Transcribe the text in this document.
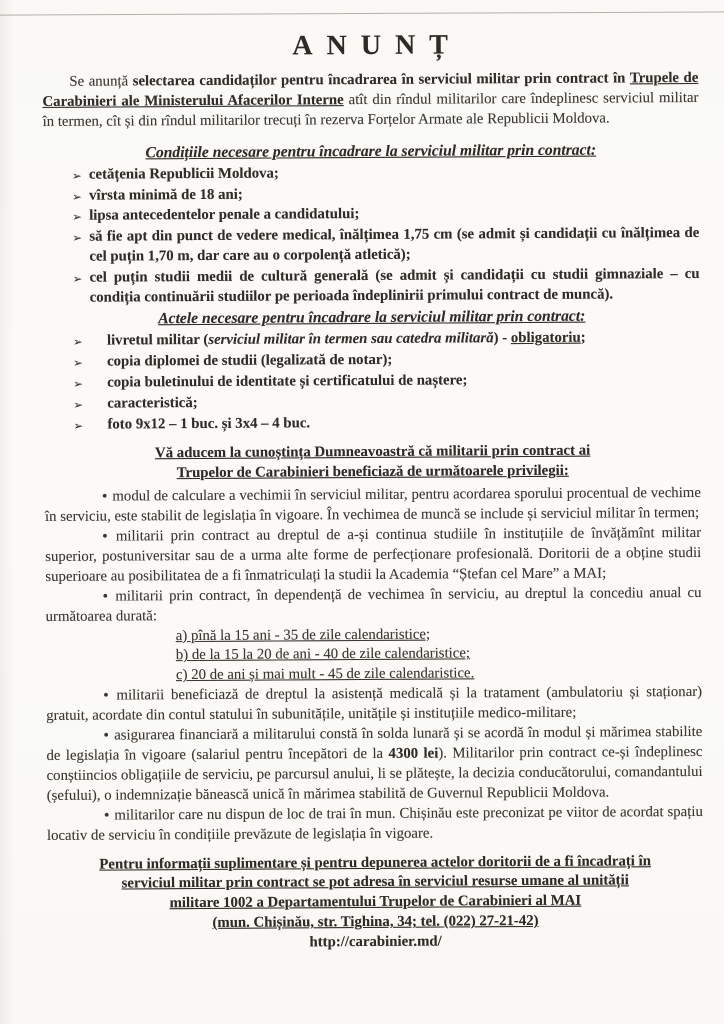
ANUNȚ

Se anunță selectarea candidaților pentru încadrarea în serviciul militar prin contract în Trupele de Carabinieri ale Ministerului Afacerilor Interne atît din rîndul militarilor care îndeplinesc serviciul militar în termen, cît și din rîndul militarilor trecuți în rezerva Forțelor Armate ale Republicii Moldova.

Condițiile necesare pentru încadrare la serviciul militar prin contract:
➢ cetățenia Republicii Moldova;
➢ vîrsta minimă de 18 ani;
➢ lipsa antecedentelor penale a candidatului;
➢ să fie apt din punct de vedere medical, înălțimea 1,75 cm (se admit și candidații cu înălțimea de cel puțin 1,70 m, dar care au o corpolență atletică);
➢ cel puțin studii medii de cultură generală (se admit și candidații cu studii gimnaziale – cu condiția continuării studiilor pe perioada îndeplinirii primului contract de muncă).
Actele necesare pentru încadrare la serviciul militar prin contract:
➢ livretul militar (serviciul militar în termen sau catedra militară) - obligatoriu;
➢ copia diplomei de studii (legalizată de notar);
➢ copia buletinului de identitate și certificatului de naștere;
➢ caracteristică;
➢ foto 9x12 – 1 buc. și 3x4 – 4 buc.
Vă aducem la cunoștința Dumneavoastră că militarii prin contract ai
Trupelor de Carabinieri beneficiază de următoarele privilegii:

• modul de calculare a vechimii în serviciul militar, pentru acordarea sporului procentual de vechime în serviciu, este stabilit de legislația în vigoare. În vechimea de muncă se include și serviciul militar în termen;

• militarii prin contract au dreptul de a-și continua studiile în instituțiile de învățămînt militar superior, postuniversitar sau de a urma alte forme de perfecționare profesională. Doritorii de a obține studii superioare au posibilitatea de a fi înmatriculați la studii la Academia “Ștefan cel Mare” a MAI;

• militarii prin contract, în dependență de vechimea în serviciu, au dreptul la concediu anual cu următoarea durată:

a) pînă la 15 ani - 35 de zile calendaristice;
b) de la 15 la 20 de ani - 40 de zile calendaristice;
c) 20 de ani și mai mult - 45 de zile calendaristice.

• militarii beneficiază de dreptul la asistență medicală și la tratament (ambulatoriu și staționar) gratuit, acordate din contul statului în subunitățile, unitățile și instituțiile medico-militare;

• asigurarea financiară a militarului constă în solda lunară și se acordă în modul și mărimea stabilite de legislația în vigoare (salariul pentru începători de la 4300 lei). Militarilor prin contract ce-și îndeplinesc conștiincios obligațiile de serviciu, pe parcursul anului, li se plătește, la decizia conducătorului, comandantului (șefului), o indemnizație bănească unică în mărimea stabilită de Guvernul Republicii Moldova.

• militarilor care nu dispun de loc de trai în mun. Chișinău este preconizat pe viitor de acordat spațiu locativ de serviciu în condițiile prevăzute de legislația în vigoare.

Pentru informații suplimentare și pentru depunerea actelor doritorii de a fi încadrați în
serviciul militar prin contract se pot adresa în serviciul resurse umane al unității
militare 1002 a Departamentului Trupelor de Carabinieri al MAI
(mun. Chișinău, str. Tighina, 34; tel. (022) 27-21-42)
http://carabinier.md/
